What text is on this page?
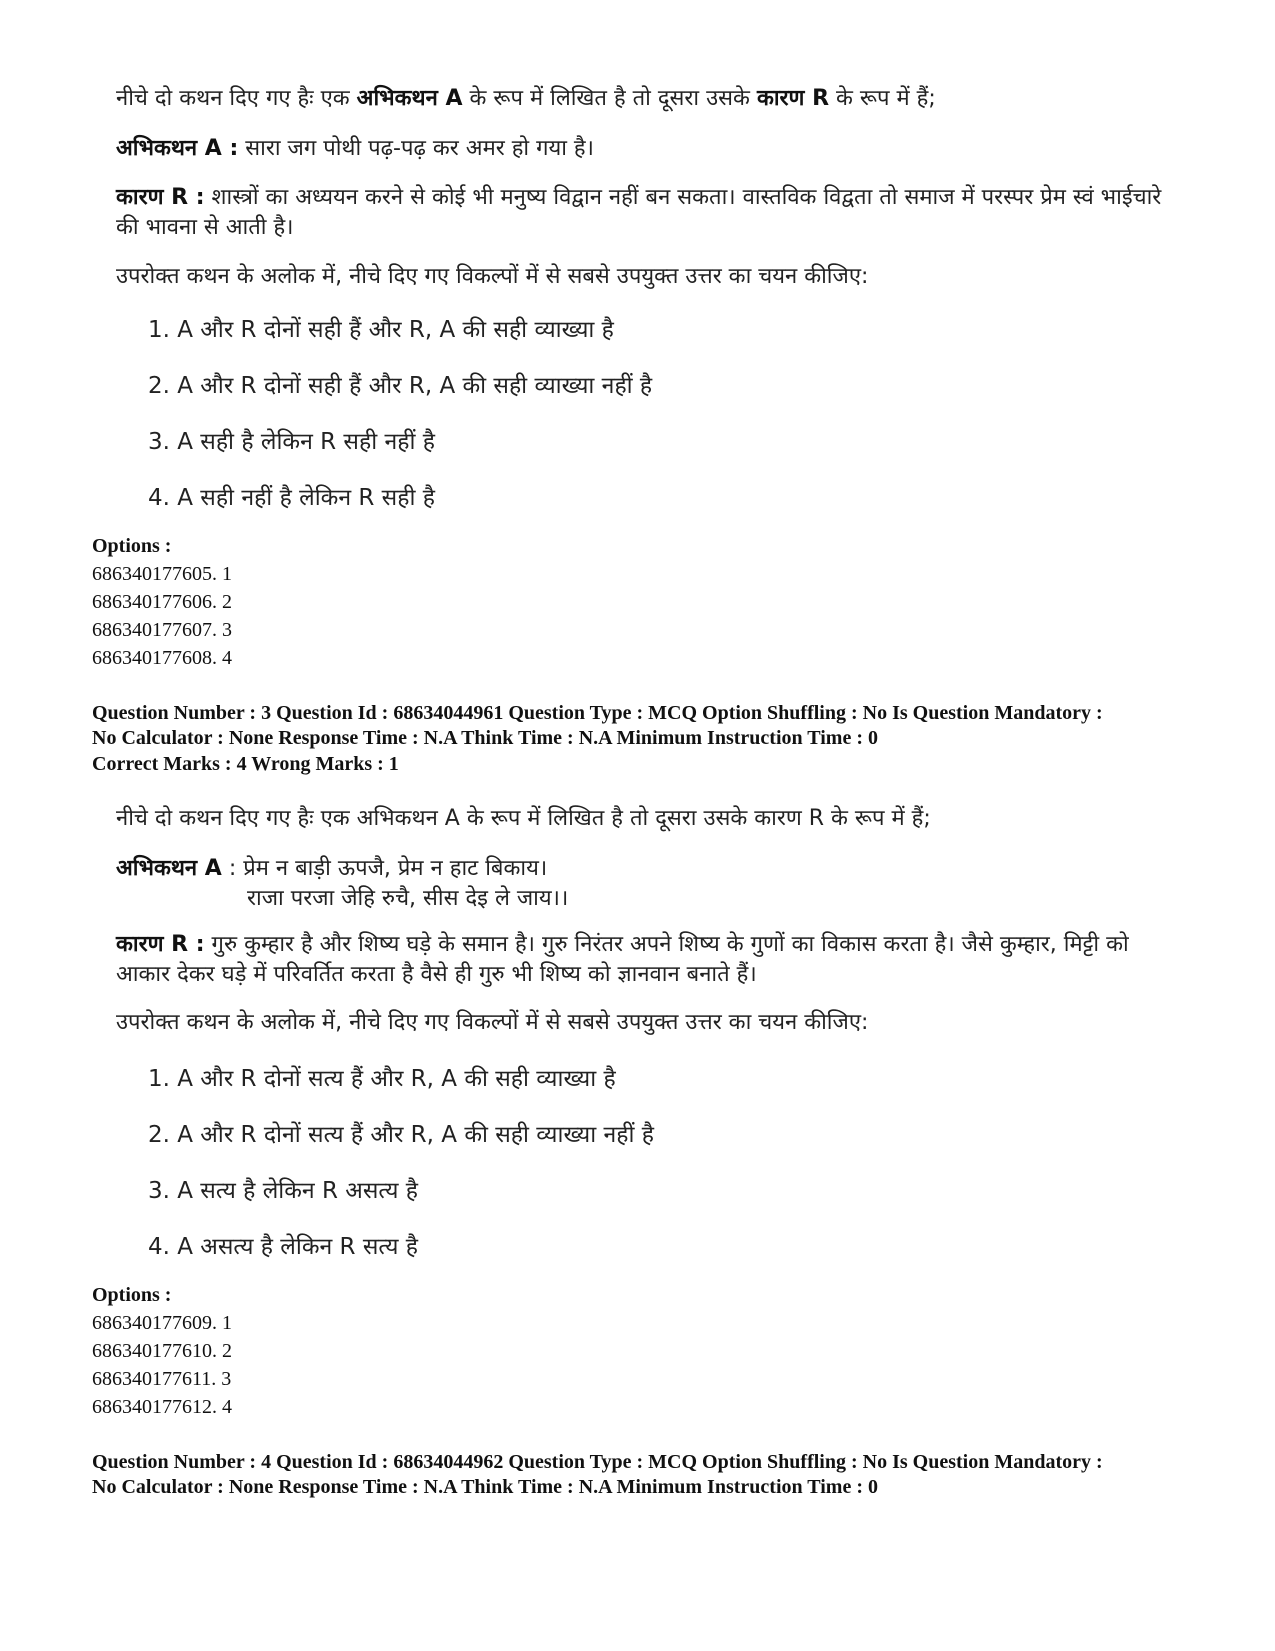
नीचे दो कथन दिए गए हैः एक अभिकथन A के रूप में लिखित है तो दूसरा उसके कारण R के रूप में हैं;
अभिकथन A : सारा जग पोथी पढ़-पढ़ कर अमर हो गया है।
कारण R : शास्त्रों का अध्ययन करने से कोई भी मनुष्य विद्वान नहीं बन सकता। वास्तविक विद्वता तो समाज में परस्पर प्रेम स्वं भाईचारे की भावना से आती है।
उपरोक्त कथन के अलोक में, नीचे दिए गए विकल्पों में से सबसे उपयुक्त उत्तर का चयन कीजिए:
1. A और R दोनों सही हैं और R, A की सही व्याख्या है
2. A और R दोनों सही हैं और R, A की सही व्याख्या नहीं है
3. A सही है लेकिन R सही नहीं है
4. A सही नहीं है लेकिन R सही है
Options :
686340177605. 1
686340177606. 2
686340177607. 3
686340177608. 4
Question Number : 3 Question Id : 68634044961 Question Type : MCQ Option Shuffling : No Is Question Mandatory :
No Calculator : None Response Time : N.A Think Time : N.A Minimum Instruction Time : 0
Correct Marks : 4 Wrong Marks : 1
नीचे दो कथन दिए गए हैः एक अभिकथन A के रूप में लिखित है तो दूसरा उसके कारण R के रूप में हैं;
अभिकथन A : प्रेम न बाड़ी ऊपजै, प्रेम न हाट बिकाय।
राजा परजा जेहि रुचै, सीस देइ ले जाय।।
कारण R : गुरु कुम्हार है और शिष्य घड़े के समान है। गुरु निरंतर अपने शिष्य के गुणों का विकास करता है। जैसे कुम्हार, मिट्टी को आकार देकर घड़े में परिवर्तित करता है वैसे ही गुरु भी शिष्य को ज्ञानवान बनाते हैं।
उपरोक्त कथन के अलोक में, नीचे दिए गए विकल्पों में से सबसे उपयुक्त उत्तर का चयन कीजिए:
1. A और R दोनों सत्य हैं और R, A की सही व्याख्या है
2. A और R दोनों सत्य हैं और R, A की सही व्याख्या नहीं है
3. A सत्य है लेकिन R असत्य है
4. A असत्य है लेकिन R सत्य है
Options :
686340177609. 1
686340177610. 2
686340177611. 3
686340177612. 4
Question Number : 4 Question Id : 68634044962 Question Type : MCQ Option Shuffling : No Is Question Mandatory :
No Calculator : None Response Time : N.A Think Time : N.A Minimum Instruction Time : 0
